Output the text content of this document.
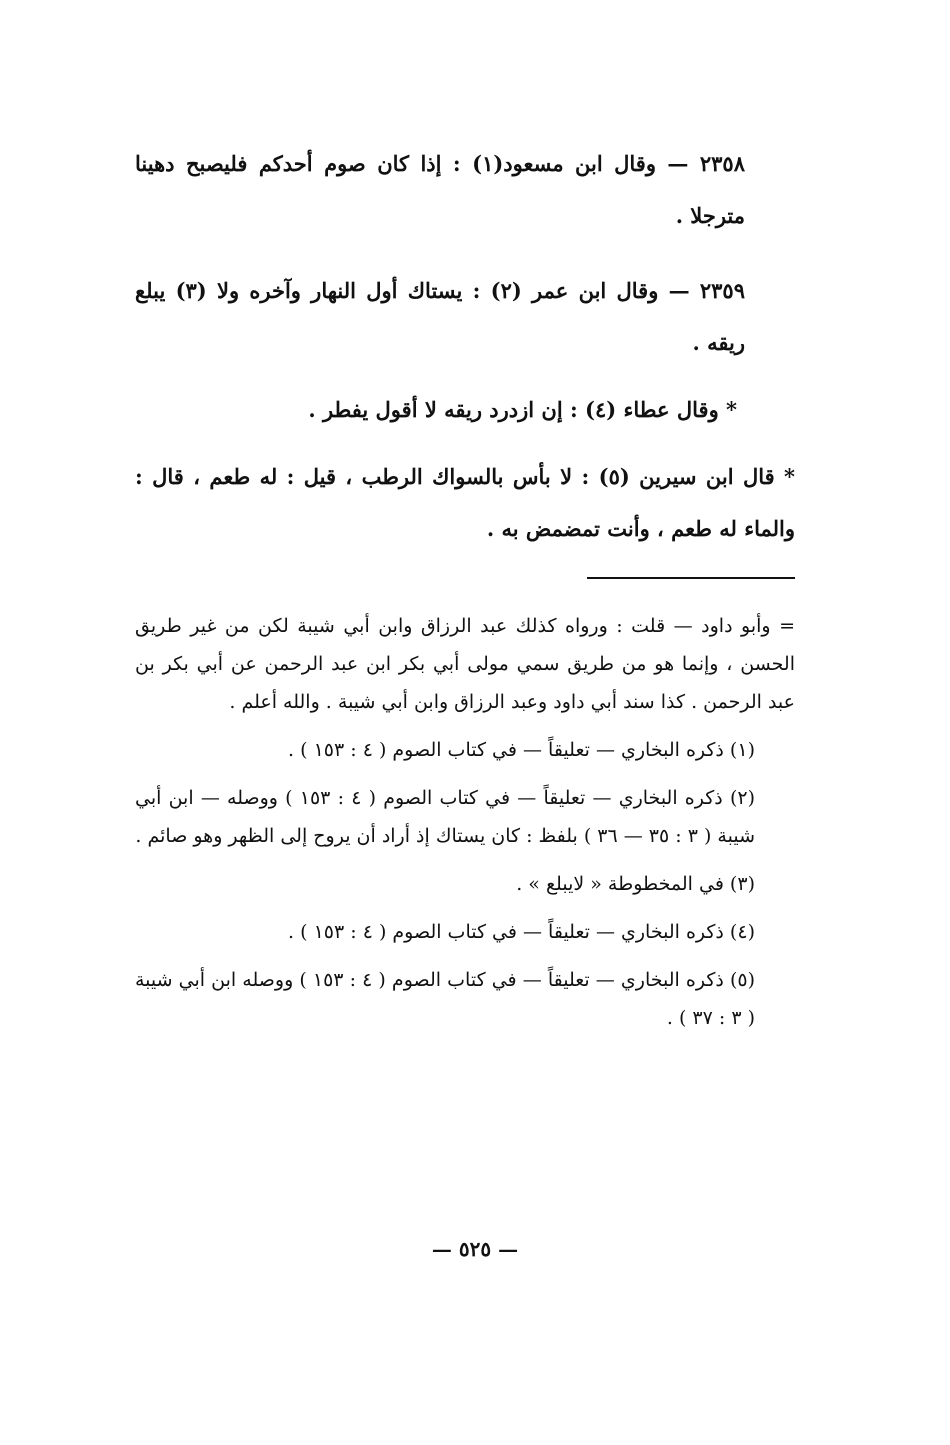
٢٣٥٨ — وقال ابن مسعود(١) : إذا كان صوم أحدكم فليصبح دهينا مترجلا .

٢٣٥٩ — وقال ابن عمر (٢) : يستاك أول النهار وآخره ولا (٣) يبلع ريقه .

* وقال عطاء (٤) : إن ازدرد ريقه لا أقول يفطر .

* قال ابن سيرين (٥) : لا بأس بالسواك الرطب ، قيل : له طعم ، قال : والماء له طعم ، وأنت تمضمض به .

= وأبو داود — قلت : ورواه كذلك عبد الرزاق وابن أبي شيبة لكن من غير طريق الحسن ، وإنما هو من طريق سمي مولى أبي بكر ابن عبد الرحمن عن أبي بكر بن عبد الرحمن . كذا سند أبي داود وعبد الرزاق وابن أبي شيبة . والله أعلم .

(١) ذكره البخاري — تعليقاً — في كتاب الصوم ( ٤ : ١٥٣ ) .

(٢) ذكره البخاري — تعليقاً — في كتاب الصوم ( ٤ : ١٥٣ ) ووصله — ابن أبي شيبة ( ٣ : ٣٥ — ٣٦ ) بلفظ : كان يستاك إذ أراد أن يروح إلى الظهر وهو صائم .

(٣) في المخطوطة « لايبلع » .

(٤) ذكره البخاري — تعليقاً — في كتاب الصوم ( ٤ : ١٥٣ ) .

(٥) ذكره البخاري — تعليقاً — في كتاب الصوم ( ٤ : ١٥٣ ) ووصله ابن أبي شيبة ( ٣ : ٣٧ ) .

— ٥٢٥ —
